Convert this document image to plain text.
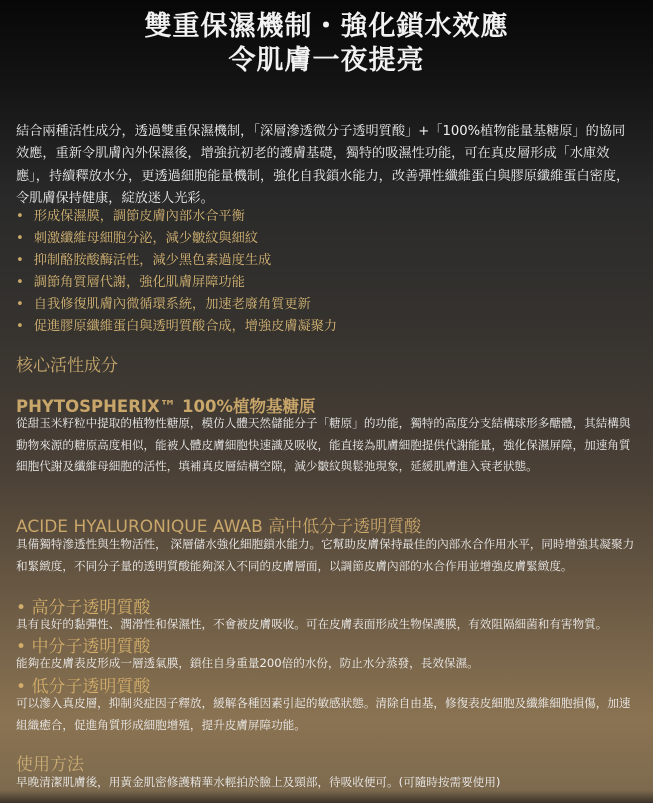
雙重保濕機制・強化鎖水效應
令肌膚一夜提亮

結合兩種活性成分，透過雙重保濕機制，「深層滲透微分子透明質酸」+「100%植物能量基糖原」的協同效應，重新令肌膚內外保濕後，增強抗初老的護膚基礎，獨特的吸濕性功能，可在真皮層形成「水庫效應」，持續釋放水分，更透過細胞能量機制，強化自我鎖水能力，改善彈性纖維蛋白與膠原纖維蛋白密度，令肌膚保持健康，綻放迷人光彩。

• 形成保濕膜，調節皮膚內部水合平衡
• 刺激纖維母細胞分泌，減少皺紋與細紋
• 抑制酪胺酸酶活性，減少黑色素過度生成
• 調節角質層代謝，強化肌膚屏障功能
• 自我修復肌膚內微循環系統，加速老廢角質更新
• 促進膠原纖維蛋白與透明質酸合成，增強皮膚凝聚力
核心活性成分
PHYTOSPHERIX™ 100%植物基糖原

從甜玉米籽粒中提取的植物性糖原，模仿人體天然儲能分子「糖原」的功能，獨特的高度分支結構球形多醣體，其結構與動物來源的糖原高度相似，能被人體皮膚細胞快速識及吸收，能直接為肌膚細胞提供代謝能量，強化保濕屏障，加速角質細胞代謝及纖維母細胞的活性，填補真皮層結構空隙，減少皺紋與鬆弛現象，延緩肌膚進入衰老狀態。

ACIDE HYALURONIQUE AWAB 高中低分子透明質酸

具備獨特滲透性與生物活性， 深層儲水強化細胞鎖水能力。它幫助皮膚保持最佳的內部水合作用水平，同時增強其凝聚力和緊緻度，不同分子量的透明質酸能夠深入不同的皮膚層面，以調節皮膚內部的水合作用並增強皮膚緊緻度。

• 高分子透明質酸

具有良好的黏彈性、潤滑性和保濕性，不會被皮膚吸收。可在皮膚表面形成生物保護膜，有效阻隔細菌和有害物質。

• 中分子透明質酸

能夠在皮膚表皮形成一層透氣膜，鎖住自身重量200倍的水份，防止水分蒸發，長效保濕。

• 低分子透明質酸

可以滲入真皮層，抑制炎症因子釋放，緩解各種因素引起的敏感狀態。清除自由基，修復表皮細胞及纖維細胞損傷，加速組織癒合，促進角質形成細胞增殖，提升皮膚屏障功能。

使用方法

早晚清潔肌膚後，用黃金肌密修護精華水輕拍於臉上及頸部，待吸收便可。(可隨時按需要使用)
